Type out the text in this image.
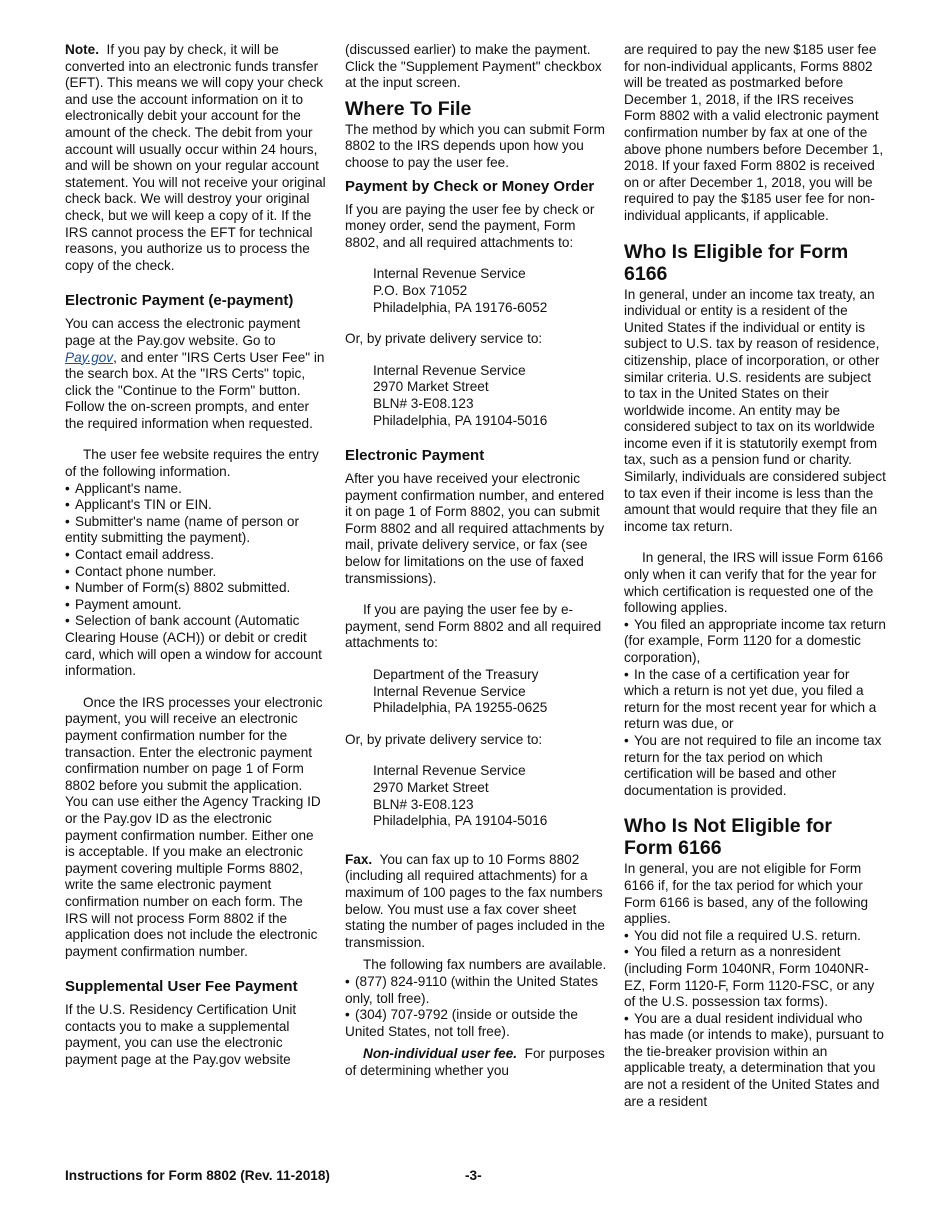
Note. If you pay by check, it will be converted into an electronic funds transfer (EFT). This means we will copy your check and use the account information on it to electronically debit your account for the amount of the check. The debit from your account will usually occur within 24 hours, and will be shown on your regular account statement. You will not receive your original check back. We will destroy your original check, but we will keep a copy of it. If the IRS cannot process the EFT for technical reasons, you authorize us to process the copy of the check.

Electronic Payment (e-payment)

You can access the electronic payment page at the Pay.gov website. Go to Pay.gov, and enter "IRS Certs User Fee" in the search box. At the "IRS Certs" topic, click the "Continue to the Form" button. Follow the on-screen prompts, and enter the required information when requested.

The user fee website requires the entry of the following information.

• Applicant's name.
• Applicant's TIN or EIN.
• Submitter's name (name of person or entity submitting the payment).
• Contact email address.
• Contact phone number.
• Number of Form(s) 8802 submitted.
• Payment amount.
• Selection of bank account (Automatic Clearing House (ACH)) or debit or credit card, which will open a window for account information.

Once the IRS processes your electronic payment, you will receive an electronic payment confirmation number for the transaction. Enter the electronic payment confirmation number on page 1 of Form 8802 before you submit the application. You can use either the Agency Tracking ID or the Pay.gov ID as the electronic payment confirmation number. Either one is acceptable. If you make an electronic payment covering multiple Forms 8802, write the same electronic payment confirmation number on each form. The IRS will not process Form 8802 if the application does not include the electronic payment confirmation number.

Supplemental User Fee Payment

If the U.S. Residency Certification Unit contacts you to make a supplemental payment, you can use the electronic payment page at the Pay.gov website

(discussed earlier) to make the payment. Click the "Supplement Payment" checkbox at the input screen.

Where To File

The method by which you can submit Form 8802 to the IRS depends upon how you choose to pay the user fee.

Payment by Check or Money Order

If you are paying the user fee by check or money order, send the payment, Form 8802, and all required attachments to:

Internal Revenue Service
P.O. Box 71052
Philadelphia, PA 19176-6052

Or, by private delivery service to:

Internal Revenue Service
2970 Market Street
BLN# 3-E08.123
Philadelphia, PA 19104-5016
Electronic Payment

After you have received your electronic payment confirmation number, and entered it on page 1 of Form 8802, you can submit Form 8802 and all required attachments by mail, private delivery service, or fax (see below for limitations on the use of faxed transmissions).

If you are paying the user fee by e-payment, send Form 8802 and all required attachments to:

Department of the Treasury
Internal Revenue Service
Philadelphia, PA 19255-0625

Or, by private delivery service to:

Internal Revenue Service
2970 Market Street
BLN# 3-E08.123
Philadelphia, PA 19104-5016

Fax. You can fax up to 10 Forms 8802 (including all required attachments) for a maximum of 100 pages to the fax numbers below. You must use a fax cover sheet stating the number of pages included in the transmission.

The following fax numbers are available.

• (877) 824-9110 (within the United States only, toll free).
• (304) 707-9792 (inside or outside the United States, not toll free).

Non-individual user fee. For purposes of determining whether you

are required to pay the new $185 user fee for non-individual applicants, Forms 8802 will be treated as postmarked before December 1, 2018, if the IRS receives Form 8802 with a valid electronic payment confirmation number by fax at one of the above phone numbers before December 1, 2018. If your faxed Form 8802 is received on or after December 1, 2018, you will be required to pay the $185 user fee for non-individual applicants, if applicable.

Who Is Eligible for Form 6166

In general, under an income tax treaty, an individual or entity is a resident of the United States if the individual or entity is subject to U.S. tax by reason of residence, citizenship, place of incorporation, or other similar criteria. U.S. residents are subject to tax in the United States on their worldwide income. An entity may be considered subject to tax on its worldwide income even if it is statutorily exempt from tax, such as a pension fund or charity. Similarly, individuals are considered subject to tax even if their income is less than the amount that would require that they file an income tax return.

In general, the IRS will issue Form 6166 only when it can verify that for the year for which certification is requested one of the following applies.

• You filed an appropriate income tax return (for example, Form 1120 for a domestic corporation),
• In the case of a certification year for which a return is not yet due, you filed a return for the most recent year for which a return was due, or
• You are not required to file an income tax return for the tax period on which certification will be based and other documentation is provided.
Who Is Not Eligible for Form 6166

In general, you are not eligible for Form 6166 if, for the tax period for which your Form 6166 is based, any of the following applies.

• You did not file a required U.S. return.
• You filed a return as a nonresident (including Form 1040NR, Form 1040NR-EZ, Form 1120-F, Form 1120-FSC, or any of the U.S. possession tax forms).
• You are a dual resident individual who has made (or intends to make), pursuant to the tie-breaker provision within an applicable treaty, a determination that you are not a resident of the United States and are a resident
Instructions for Form 8802 (Rev. 11-2018)	-3-
